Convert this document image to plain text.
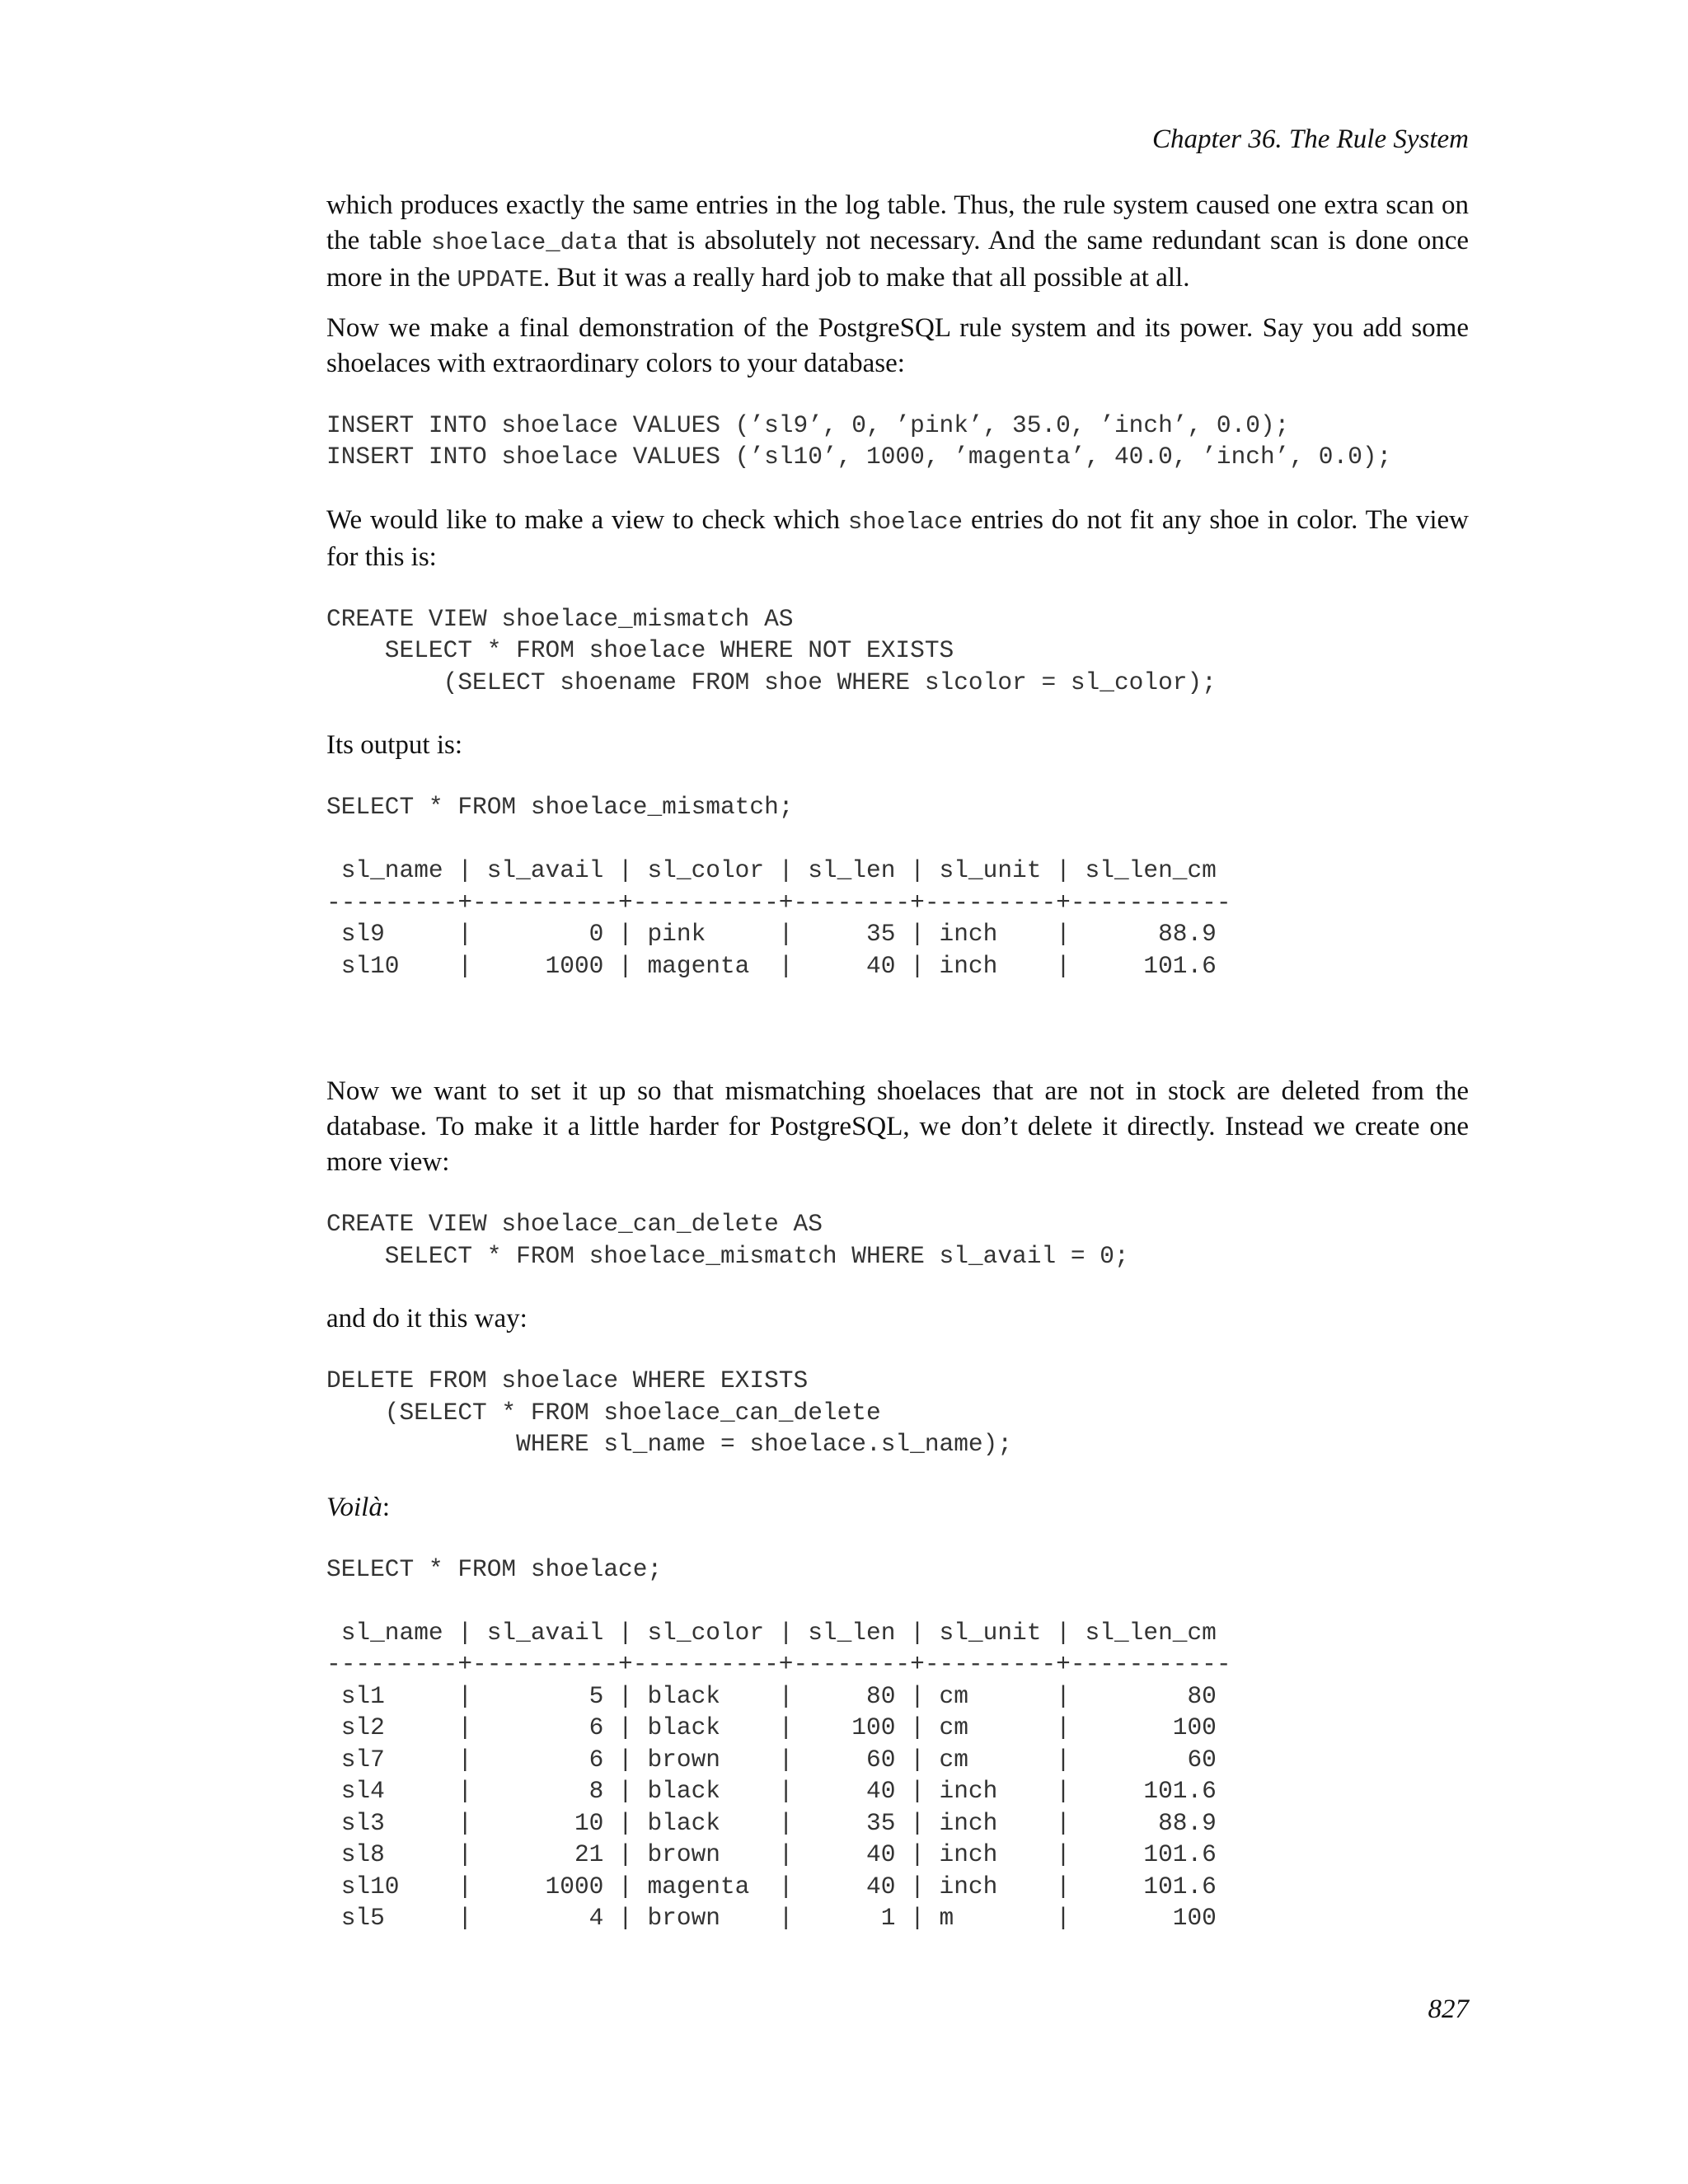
Chapter 36. The Rule System

which produces exactly the same entries in the log table. Thus, the rule system caused one extra scan on the table shoelace_data that is absolutely not necessary. And the same redundant scan is done once more in the UPDATE. But it was a really hard job to make that all possible at all.

Now we make a final demonstration of the PostgreSQL rule system and its power. Say you add some shoelaces with extraordinary colors to your database:

INSERT INTO shoelace VALUES (’sl9’, 0, ’pink’, 35.0, ’inch’, 0.0);
INSERT INTO shoelace VALUES (’sl10’, 1000, ’magenta’, 40.0, ’inch’, 0.0);

We would like to make a view to check which shoelace entries do not fit any shoe in color. The view for this is:

CREATE VIEW shoelace_mismatch AS
SELECT * FROM shoelace WHERE NOT EXISTS
(SELECT shoename FROM shoe WHERE slcolor = sl_color);

Its output is:

SELECT * FROM shoelace_mismatch;

sl_name | sl_avail | sl_color | sl_len | sl_unit | sl_len_cm
---------+----------+----------+--------+---------+-----------
sl9     |        0 | pink     |     35 | inch    |      88.9
sl10    |     1000 | magenta  |     40 | inch    |     101.6

Now we want to set it up so that mismatching shoelaces that are not in stock are deleted from the database. To make it a little harder for PostgreSQL, we don’t delete it directly. Instead we create one more view:

CREATE VIEW shoelace_can_delete AS
SELECT * FROM shoelace_mismatch WHERE sl_avail = 0;

and do it this way:

DELETE FROM shoelace WHERE EXISTS
(SELECT * FROM shoelace_can_delete
WHERE sl_name = shoelace.sl_name);

Voilà:

SELECT * FROM shoelace;

sl_name | sl_avail | sl_color | sl_len | sl_unit | sl_len_cm
---------+----------+----------+--------+---------+-----------
sl1     |        5 | black    |     80 | cm      |        80
sl2     |        6 | black    |    100 | cm      |       100
sl7     |        6 | brown    |     60 | cm      |        60
sl4     |        8 | black    |     40 | inch    |     101.6
sl3     |       10 | black    |     35 | inch    |      88.9
sl8     |       21 | brown    |     40 | inch    |     101.6
sl10    |     1000 | magenta  |     40 | inch    |     101.6
sl5     |        4 | brown    |      1 | m       |       100
827
